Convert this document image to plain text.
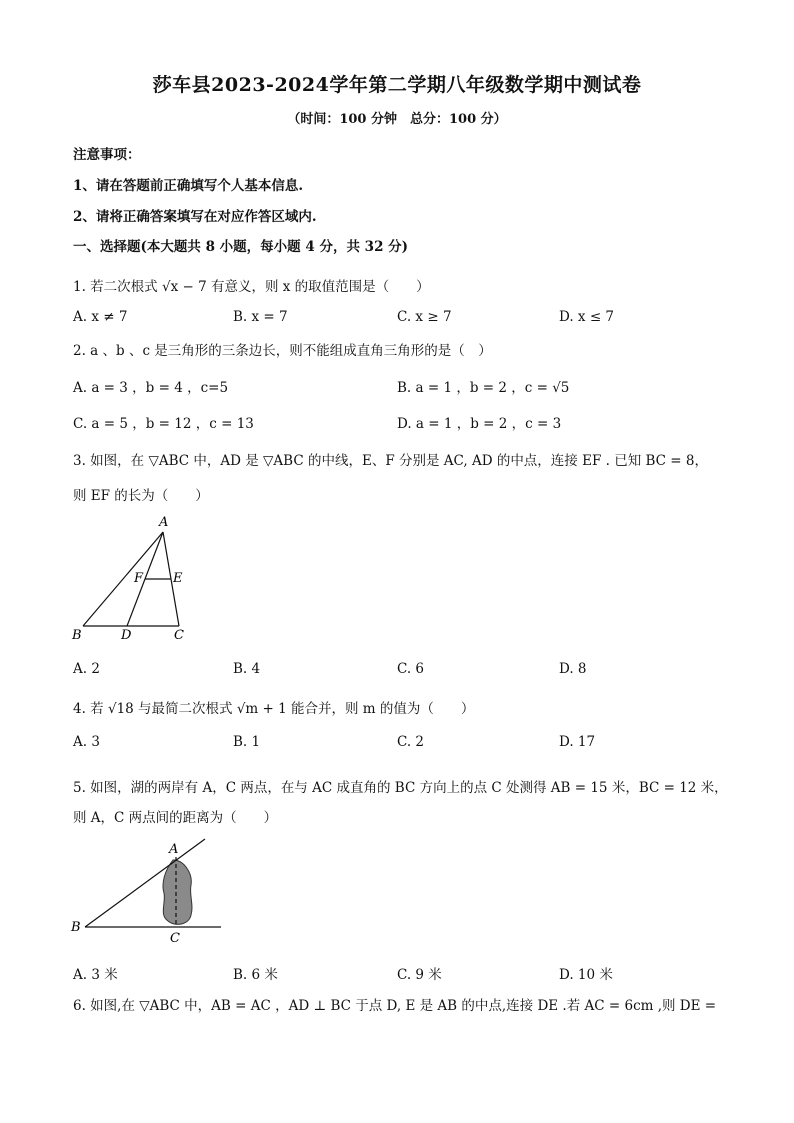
莎车县2023-2024学年第二学期八年级数学期中测试卷
（时间：100 分钟　总分：100 分）
注意事项：
1、请在答题前正确填写个人基本信息.
2、请将正确答案填写在对应作答区域内.
一、选择题(本大题共 8 小题，每小题 4 分，共 32 分)
1. 若二次根式 √x − 7 有意义，则 x 的取值范围是（　　）
A. x ≠ 7	B. x = 7	C. x ≥ 7	D. x ≤ 7
2. a 、b 、c 是三角形的三条边长，则不能组成直角三角形的是（　）
A. a = 3 ，b = 4 ，c=5	B. a = 1 ，b = 2 ，c = √5
C. a = 5 ，b = 12 ，c = 13	D. a = 1 ，b = 2 ，c = 3
3. 如图，在 ▽ABC 中，AD 是 ▽ABC 的中线，E、F 分别是 AC, AD 的中点，连接 EF . 已知 BC = 8，
则 EF 的长为（　　）
A
F E
B	D	C
A. 2	B. 4	C. 6	D. 8
4. 若 √18 与最简二次根式 √m + 1 能合并，则 m 的值为（　　）
A. 3	B. 1	C. 2	D. 17
5. 如图，湖的两岸有 A，C 两点，在与 AC 成直角的 BC 方向上的点 C 处测得 AB = 15 米，BC = 12 米，
则 A，C 两点间的距离为（　　）
A
B
C
A. 3 米	B. 6 米	C. 9 米	D. 10 米
6. 如图,在 ▽ABC 中，AB = AC ，AD ⊥ BC 于点 D, E 是 AB 的中点,连接 DE .若 AC = 6cm ,则 DE =
